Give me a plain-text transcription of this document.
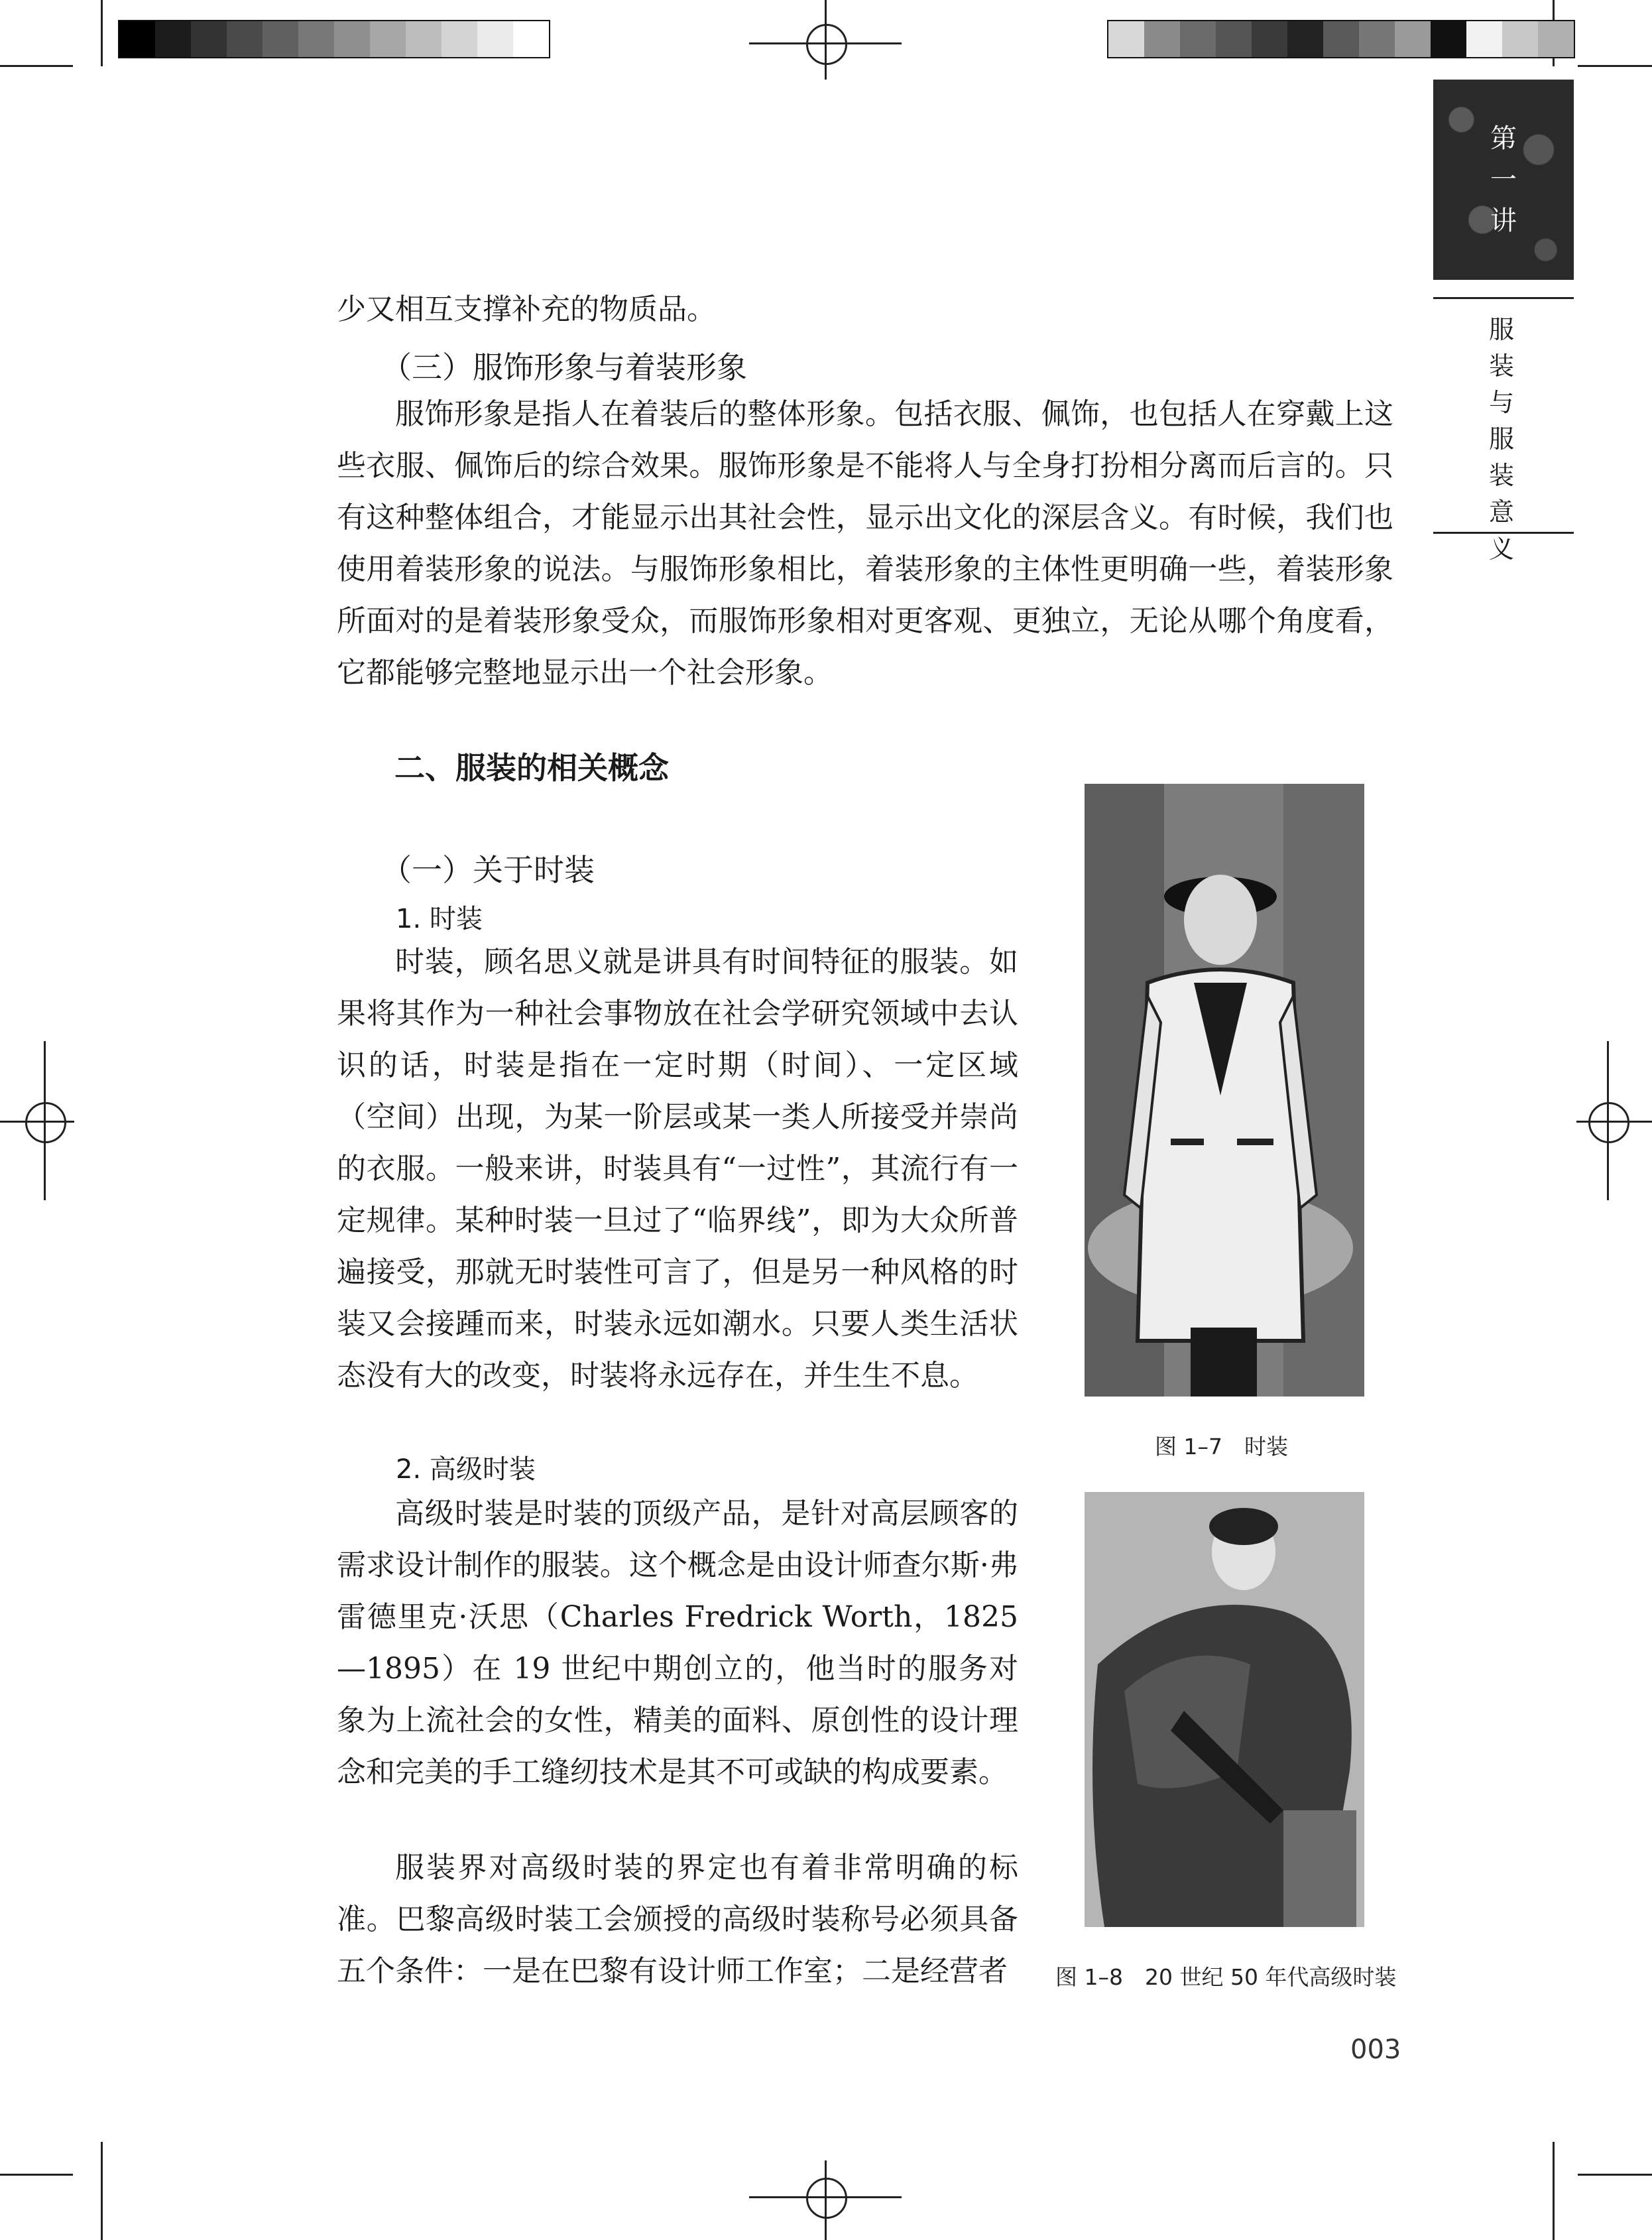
第
一
讲
服
装
与
服
装
意
义
少又相互支撑补充的物质品。
（三）服饰形象与着装形象
服饰形象是指人在着装后的整体形象。包括衣服、佩饰，也包括人在穿戴上这些衣服、佩饰后的综合效果。服饰形象是不能将人与全身打扮相分离而后言的。只有这种整体组合，才能显示出其社会性，显示出文化的深层含义。有时候，我们也使用着装形象的说法。与服饰形象相比，着装形象的主体性更明确一些，着装形象所面对的是着装形象受众，而服饰形象相对更客观、更独立，无论从哪个角度看，它都能够完整地显示出一个社会形象。
二、服装的相关概念
（一）关于时装
1. 时装
时装，顾名思义就是讲具有时间特征的服装。如果将其作为一种社会事物放在社会学研究领域中去认识的话，时装是指在一定时期（时间）、一定区域（空间）出现，为某一阶层或某一类人所接受并崇尚的衣服。一般来讲，时装具有“一过性”，其流行有一定规律。某种时装一旦过了“临界线”，即为大众所普遍接受，那就无时装性可言了，但是另一种风格的时装又会接踵而来，时装永远如潮水。只要人类生活状态没有大的改变，时装将永远存在，并生生不息。
2. 高级时装
高级时装是时装的顶级产品，是针对高层顾客的需求设计制作的服装。这个概念是由设计师查尔斯·弗雷德里克·沃思（Charles Fredrick Worth，1825—1895）在 19 世纪中期创立的，他当时的服务对象为上流社会的女性，精美的面料、原创性的设计理念和完美的手工缝纫技术是其不可或缺的构成要素。
服装界对高级时装的界定也有着非常明确的标准。巴黎高级时装工会颁授的高级时装称号必须具备五个条件：一是在巴黎有设计师工作室；二是经营者
图 1–7　时装
图 1–8　20 世纪 50 年代高级时装
003
